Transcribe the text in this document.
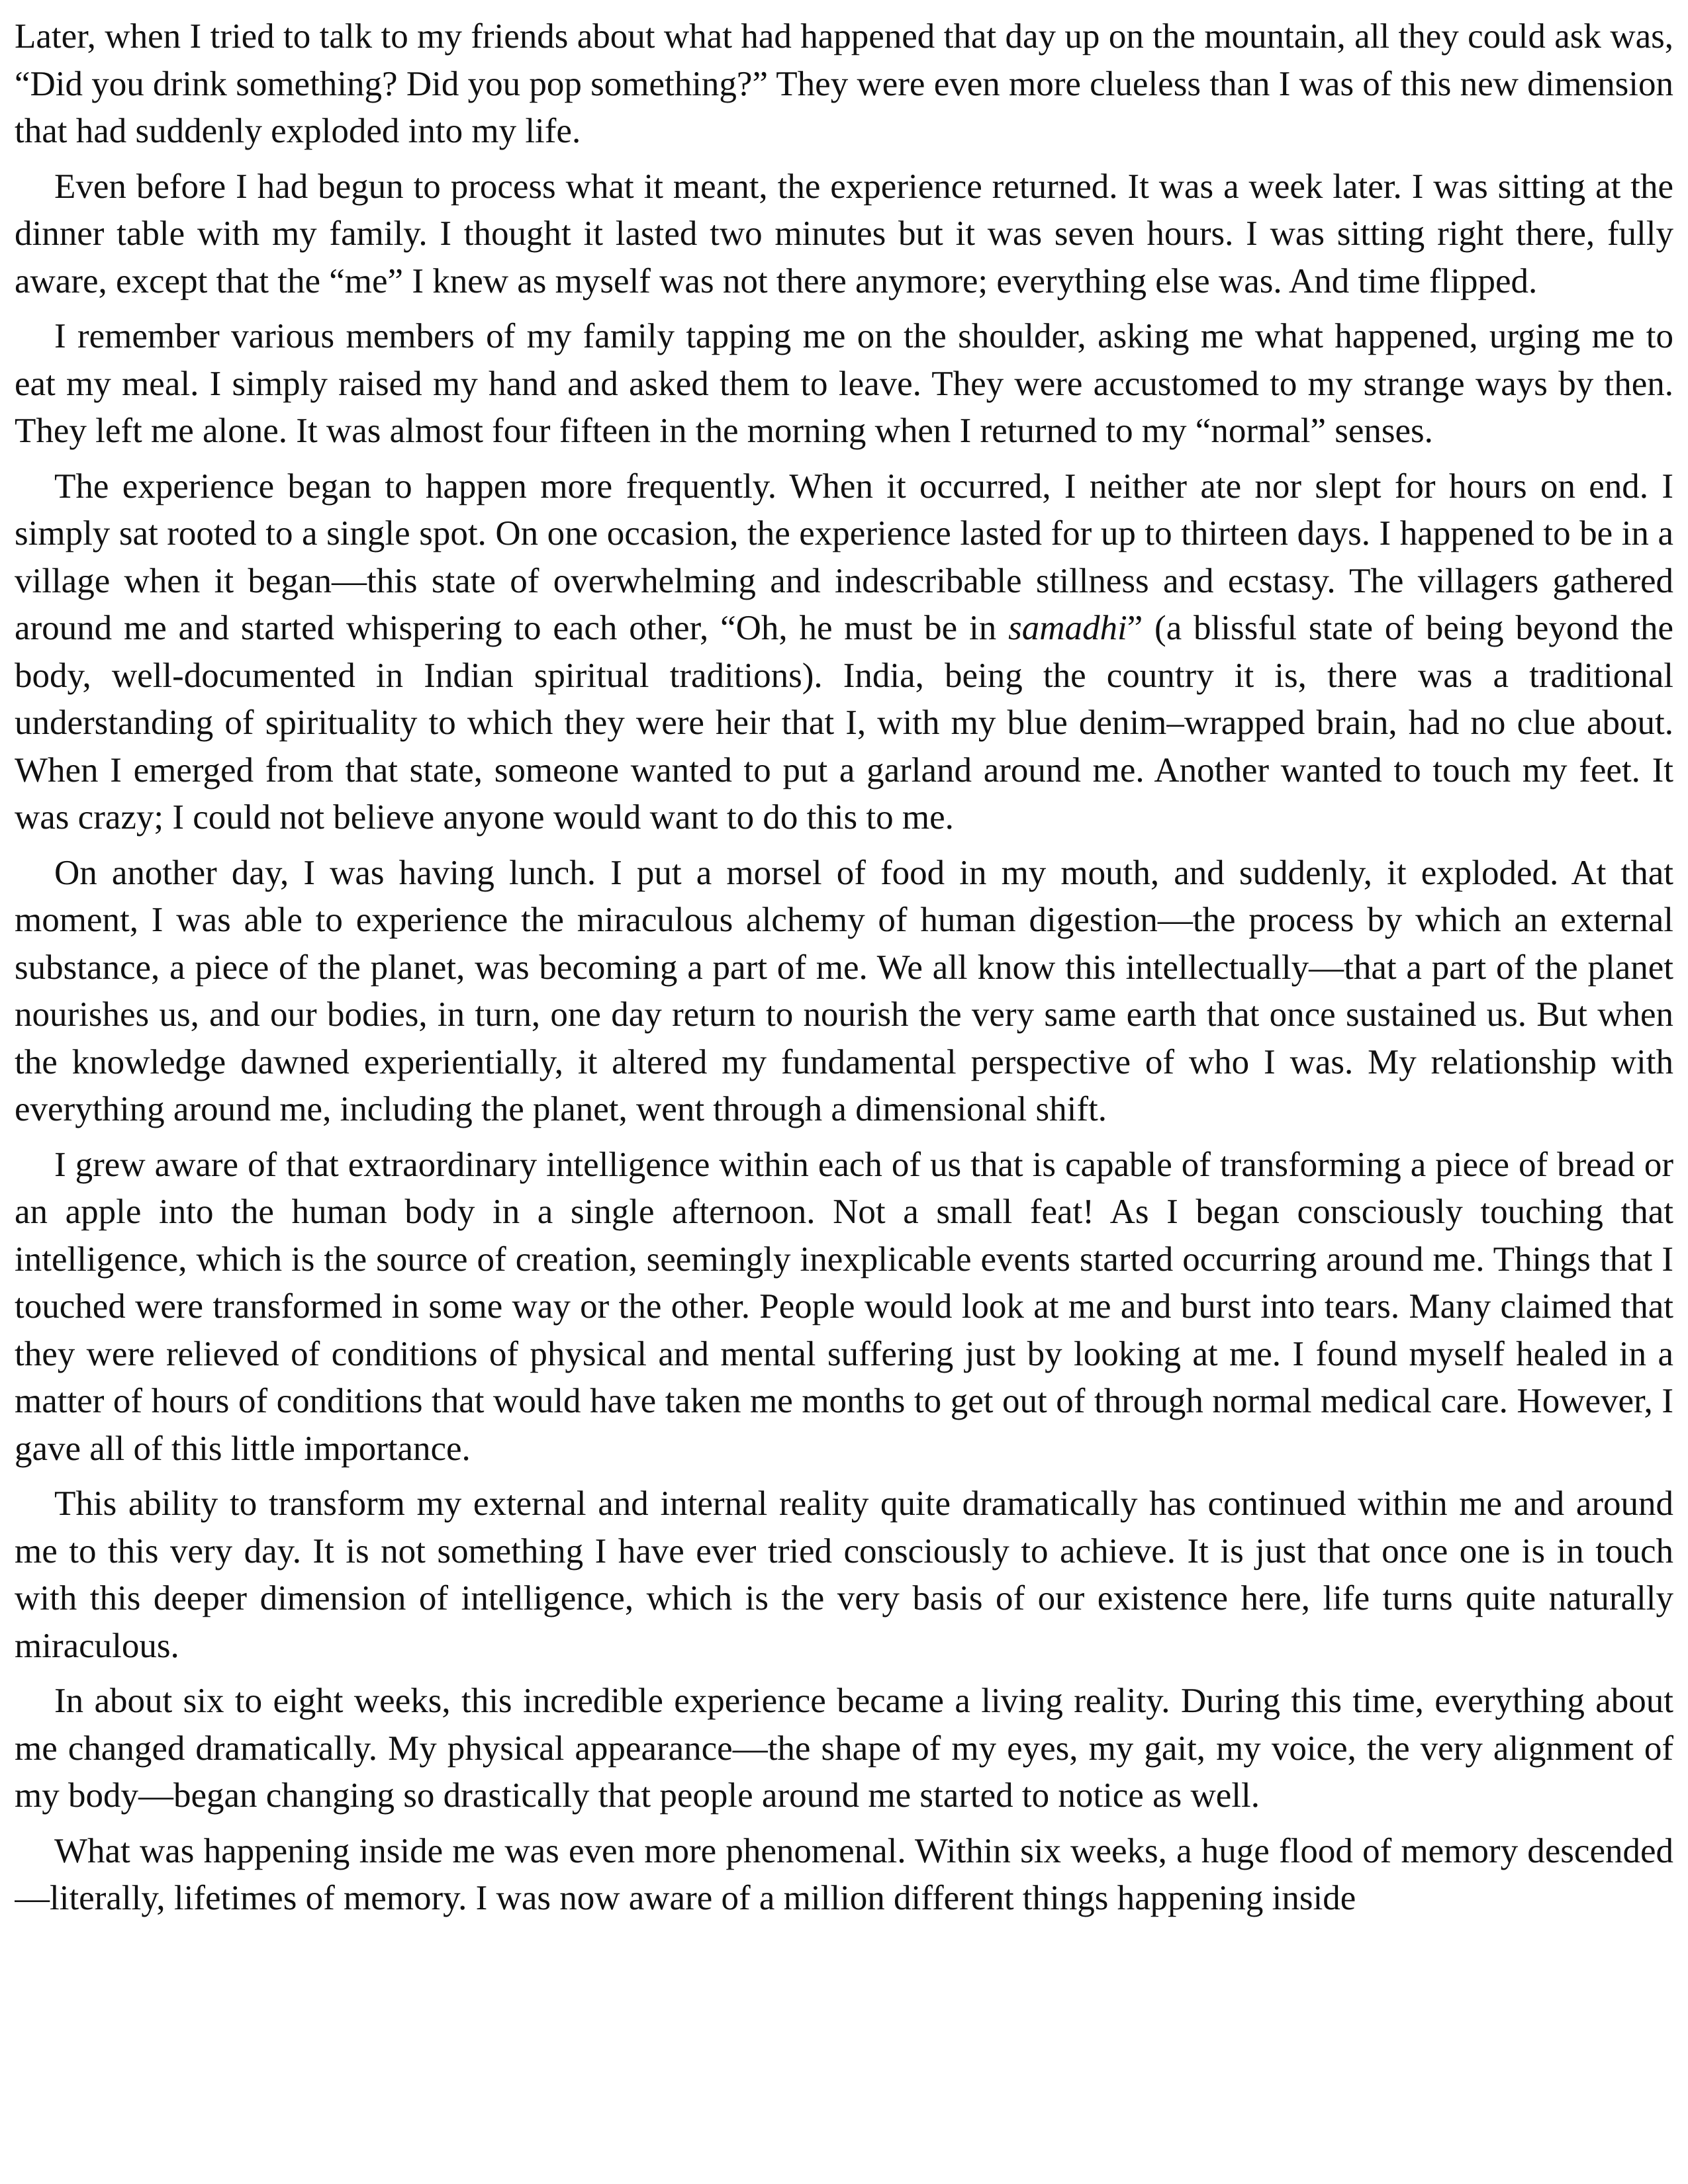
Later, when I tried to talk to my friends about what had happened that day up on the mountain, all they could ask was, “Did you drink something? Did you pop something?” They were even more clueless than I was of this new dimension that had suddenly exploded into my life.

Even before I had begun to process what it meant, the experience returned. It was a week later. I was sitting at the dinner table with my family. I thought it lasted two minutes but it was seven hours. I was sitting right there, fully aware, except that the “me” I knew as myself was not there anymore; everything else was. And time flipped.

I remember various members of my family tapping me on the shoulder, asking me what happened, urging me to eat my meal. I simply raised my hand and asked them to leave. They were accustomed to my strange ways by then. They left me alone. It was almost four fifteen in the morning when I returned to my “normal” senses.

The experience began to happen more frequently. When it occurred, I neither ate nor slept for hours on end. I simply sat rooted to a single spot. On one occasion, the experience lasted for up to thirteen days. I happened to be in a village when it began—this state of overwhelming and indescribable stillness and ecstasy. The villagers gathered around me and started whispering to each other, “Oh, he must be in samadhi” (a blissful state of being beyond the body, well-documented in Indian spiritual traditions). India, being the country it is, there was a traditional understanding of spirituality to which they were heir that I, with my blue denim–wrapped brain, had no clue about. When I emerged from that state, someone wanted to put a garland around me. Another wanted to touch my feet. It was crazy; I could not believe anyone would want to do this to me.

On another day, I was having lunch. I put a morsel of food in my mouth, and suddenly, it exploded. At that moment, I was able to experience the miraculous alchemy of human digestion—the process by which an external substance, a piece of the planet, was becoming a part of me. We all know this intellectually—that a part of the planet nourishes us, and our bodies, in turn, one day return to nourish the very same earth that once sustained us. But when the knowledge dawned experientially, it altered my fundamental perspective of who I was. My relationship with everything around me, including the planet, went through a dimensional shift.

I grew aware of that extraordinary intelligence within each of us that is capable of transforming a piece of bread or an apple into the human body in a single afternoon. Not a small feat! As I began consciously touching that intelligence, which is the source of creation, seemingly inexplicable events started occurring around me. Things that I touched were transformed in some way or the other. People would look at me and burst into tears. Many claimed that they were relieved of conditions of physical and mental suffering just by looking at me. I found myself healed in a matter of hours of conditions that would have taken me months to get out of through normal medical care. However, I gave all of this little importance.

This ability to transform my external and internal reality quite dramatically has continued within me and around me to this very day. It is not something I have ever tried consciously to achieve. It is just that once one is in touch with this deeper dimension of intelligence, which is the very basis of our existence here, life turns quite naturally miraculous.

In about six to eight weeks, this incredible experience became a living reality. During this time, everything about me changed dramatically. My physical appearance—the shape of my eyes, my gait, my voice, the very alignment of my body—began changing so drastically that people around me started to notice as well.

What was happening inside me was even more phenomenal. Within six weeks, a huge flood of memory descended—literally, lifetimes of memory. I was now aware of a million different things happening inside
